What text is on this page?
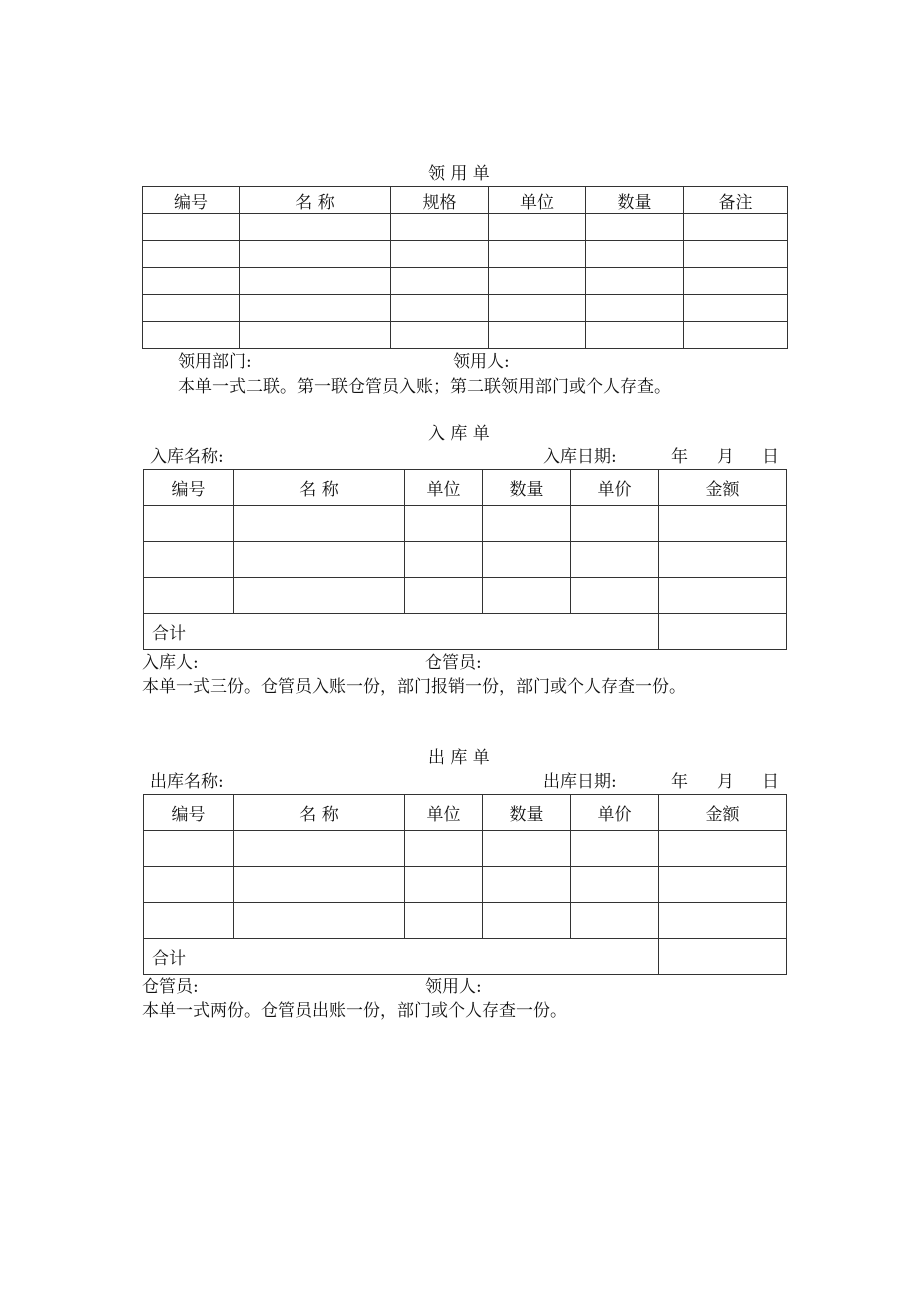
领 用 单
编号	名 称	规格	单位	数量	备注

领用部门:	领用人:
本单一式二联。第一联仓管员入账；第二联领用部门或个人存查。
入 库 单
入库名称:	入库日期:	年 月 日
编号	名 称	单位	数量	单价	金额

合计					
入库人:	仓管员:
本单一式三份。仓管员入账一份，部门报销一份，部门或个人存查一份。
出 库 单
出库名称:	出库日期:	年 月 日
编号	名 称	单位	数量	单价	金额

合计					
仓管员:	领用人:
本单一式两份。仓管员出账一份，部门或个人存查一份。
